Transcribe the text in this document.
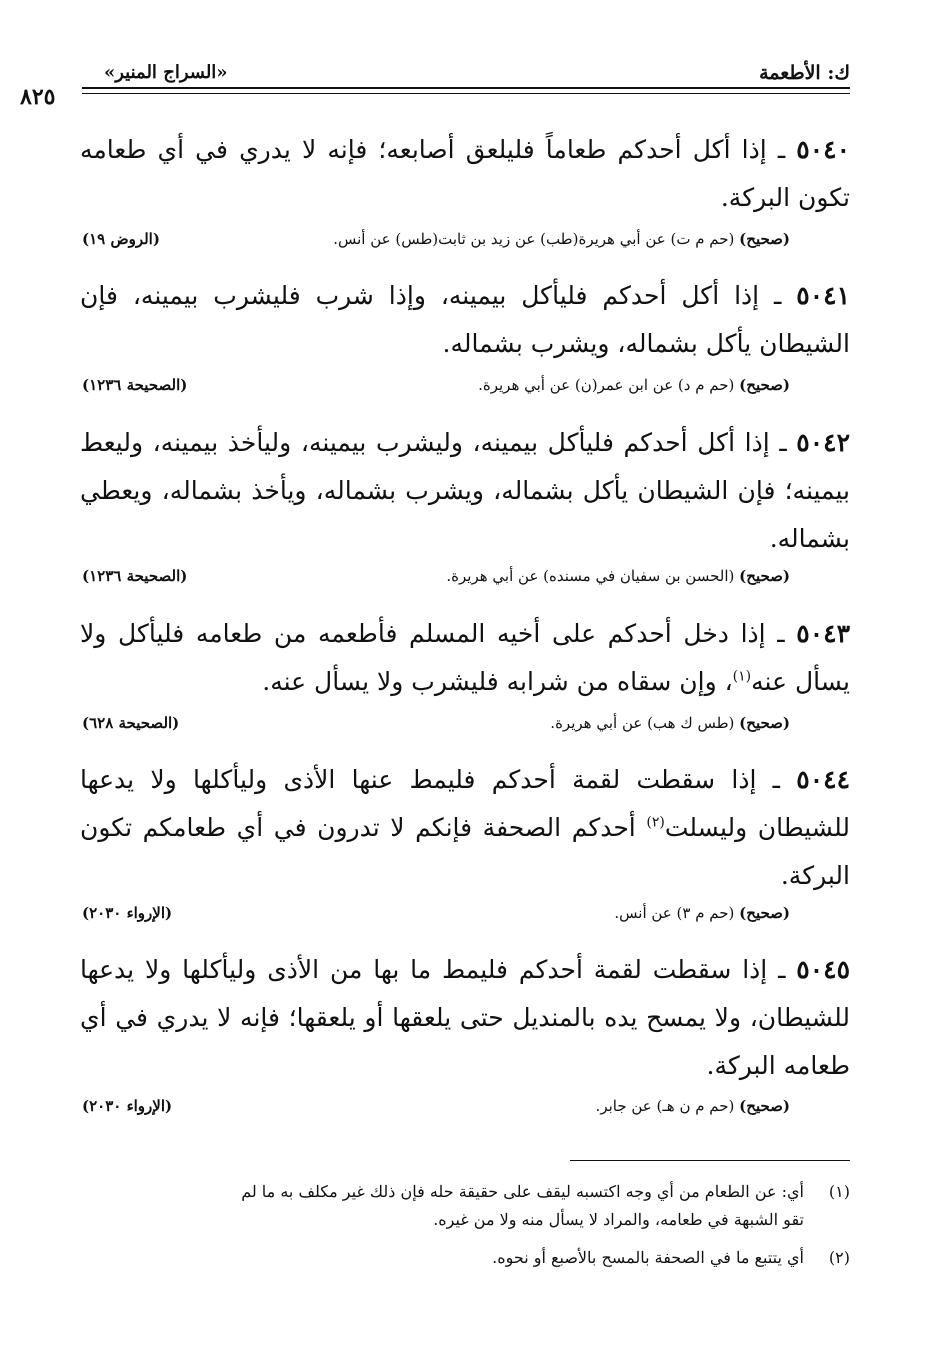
ك: الأطعمة
«السراج المنير»
٨٢٥
٥٠٤٠ ـ إذا أكل أحدكم طعاماً فليلعق أصابعه؛ فإنه لا يدري في أي طعامه تكون البركة.
(صحيح) (حم م ت) عن أبي هريرة(طب) عن زيد بن ثابت(طس) عن أنس.
(الروض ١٩)
٥٠٤١ ـ إذا أكل أحدكم فليأكل بيمينه، وإذا شرب فليشرب بيمينه، فإن الشيطان يأكل بشماله، ويشرب بشماله.
(صحيح) (حم م د) عن ابن عمر(ن) عن أبي هريرة.
(الصحيحة ١٢٣٦)
٥٠٤٢ ـ إذا أكل أحدكم فليأكل بيمينه، وليشرب بيمينه، وليأخذ بيمينه، وليعط بيمينه؛ فإن الشيطان يأكل بشماله، ويشرب بشماله، ويأخذ بشماله، ويعطي بشماله.
(صحيح) (الحسن بن سفيان في مسنده) عن أبي هريرة.
(الصحيحة ١٢٣٦)
٥٠٤٣ ـ إذا دخل أحدكم على أخيه المسلم فأطعمه من طعامه فليأكل ولا يسأل عنه$^{(١)}$، وإن سقاه من شرابه فليشرب ولا يسأل عنه.
(صحيح) (طس ك هب) عن أبي هريرة.
(الصحيحة ٦٢٨)
٥٠٤٤ ـ إذا سقطت لقمة أحدكم فليمط عنها الأذى وليأكلها ولا يدعها للشيطان وليسلت$^{(٢)}$ أحدكم الصحفة فإنكم لا تدرون في أي طعامكم تكون البركة.
(صحيح) (حم م ٣) عن أنس.
(الإرواء ٢٠٣٠)
٥٠٤٥ ـ إذا سقطت لقمة أحدكم فليمط ما بها من الأذى وليأكلها ولا يدعها للشيطان، ولا يمسح يده بالمنديل حتى يلعقها أو يلعقها؛ فإنه لا يدري في أي طعامه البركة.
(صحيح) (حم م ن هـ) عن جابر.
(الإرواء ٢٠٣٠)
(١)أي: عن الطعام من أي وجه اكتسبه ليقف على حقيقة حله فإن ذلك غير مكلف به ما لم
تقو الشبهة في طعامه، والمراد لا يسأل منه ولا من غيره.
(٢)أي يتتبع ما في الصحفة بالمسح بالأصبع أو نحوه.
